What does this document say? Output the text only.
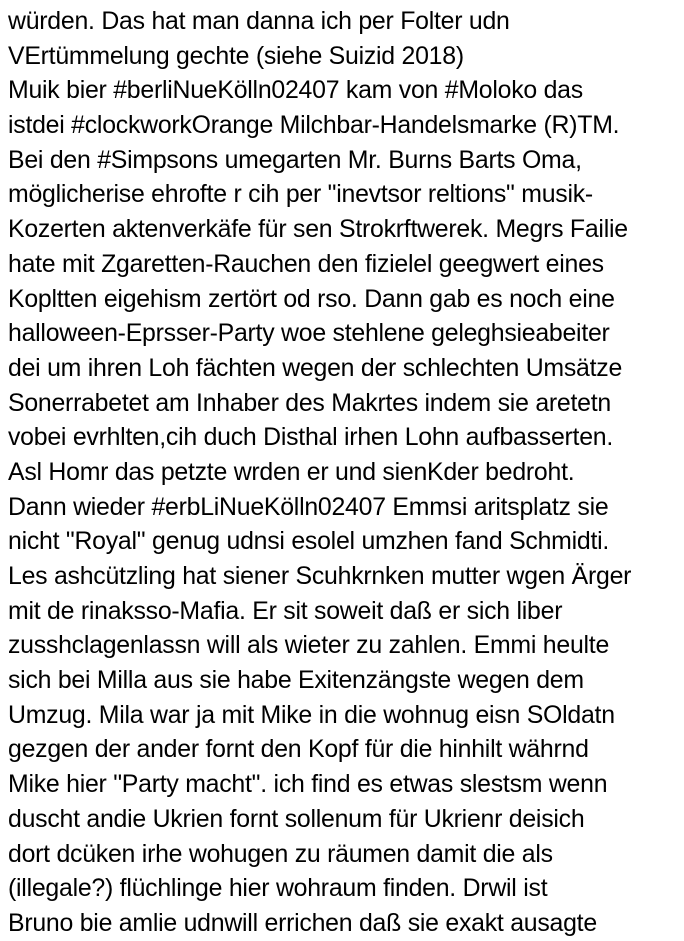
würden. Das hat man danna ich per Folter udn
VErtümmelung gechte (siehe Suizid 2018)
Muik bier #berliNueKölln02407 kam von #Moloko das
istdei #clockworkOrange Milchbar-Handelsmarke (R)TM.
Bei den #Simpsons umegarten Mr. Burns Barts Oma,
möglicherise ehrofte r cih per "inevtsor reltions" musik-
Kozerten aktenverkäfe für sen Strokrftwerek. Megrs Failie
hate mit Zgaretten-Rauchen den fizielel geegwert eines
Kopltten eigehism zertört od rso. Dann gab es noch eine
halloween-Eprsser-Party woe stehlene geleghsieabeiter
dei um ihren Loh fächten wegen der schlechten Umsätze
Sonerrabetet am Inhaber des Makrtes indem sie aretetn
vobei evrhlten,cih duch Disthal irhen Lohn aufbasserten.
Asl Homr das petzte wrden er und sienKder bedroht.
Dann wieder #erbLiNueKölln02407 Emmsi aritsplatz sie
nicht "Royal" genug udnsi esolel umzhen fand Schmidti.
Les ashcützling hat siener Scuhkrnken mutter wgen Ärger
mit de rinaksso-Mafia. Er sit soweit daß er sich liber
zusshclagenlassn will als wieter zu zahlen. Emmi heulte
sich bei Milla aus sie habe Exitenzängste wegen dem
Umzug. Mila war ja mit Mike in die wohnug eisn SOldatn
gezgen der ander fornt den Kopf für die hinhilt währnd
Mike hier "Party macht". ich find es etwas slestsm wenn
duscht andie Ukrien fornt sollenum für Ukrienr deisich
dort dcüken irhe wohugen zu räumen damit die als
(illegale?) flüchlinge hier wohraum finden. Drwil ist
Bruno bie amlie udnwill errichen daß sie exakt ausagte
